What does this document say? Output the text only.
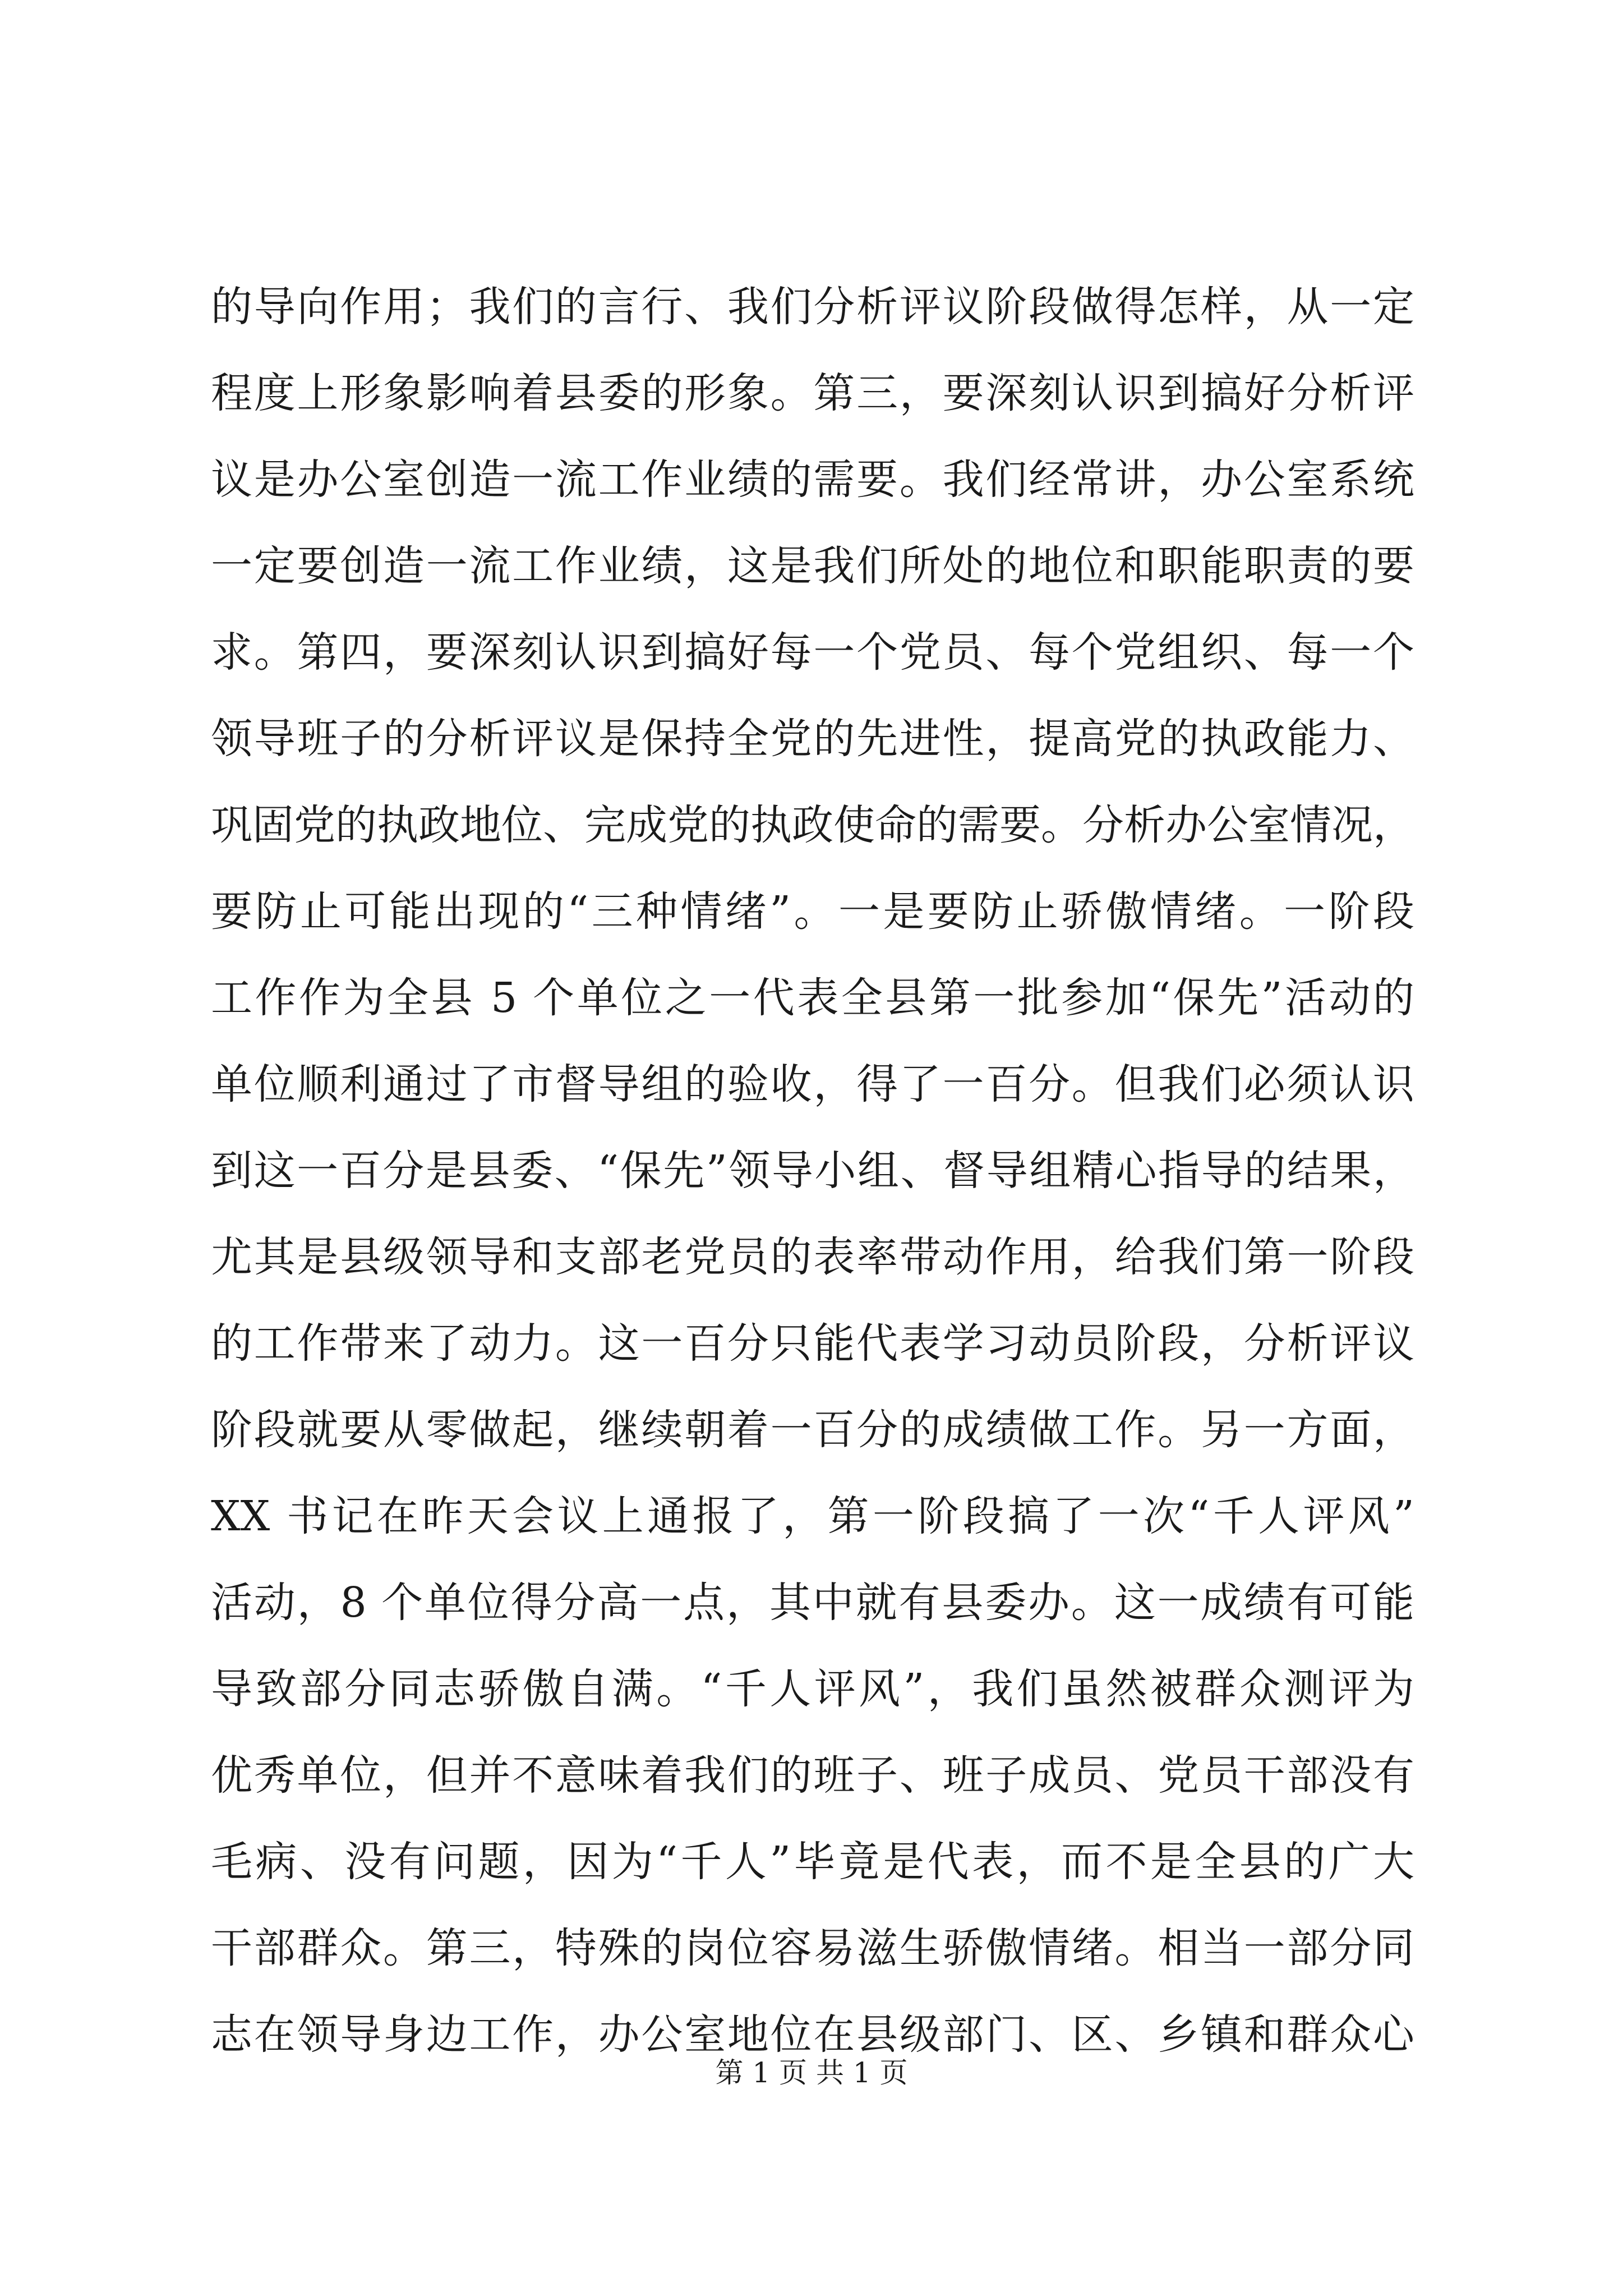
的导向作用；我们的言行、我们分析评议阶段做得怎样，从一定
程度上形象影响着县委的形象。第三，要深刻认识到搞好分析评
议是办公室创造一流工作业绩的需要。我们经常讲，办公室系统
一定要创造一流工作业绩，这是我们所处的地位和职能职责的要
求。第四，要深刻认识到搞好每一个党员、每个党组织、每一个
领导班子的分析评议是保持全党的先进性，提高党的执政能力、
巩固党的执政地位、完成党的执政使命的需要。分析办公室情况，
要防止可能出现的“三种情绪”。一是要防止骄傲情绪。一阶段
工作作为全县 5 个单位之一代表全县第一批参加“保先”活动的
单位顺利通过了市督导组的验收，得了一百分。但我们必须认识
到这一百分是县委、“保先”领导小组、督导组精心指导的结果，
尤其是县级领导和支部老党员的表率带动作用，给我们第一阶段
的工作带来了动力。这一百分只能代表学习动员阶段，分析评议
阶段就要从零做起，继续朝着一百分的成绩做工作。另一方面，
XX 书记在昨天会议上通报了，第一阶段搞了一次“千人评风”
活动，8 个单位得分高一点，其中就有县委办。这一成绩有可能
导致部分同志骄傲自满。“千人评风”，我们虽然被群众测评为
优秀单位，但并不意味着我们的班子、班子成员、党员干部没有
毛病、没有问题，因为“千人”毕竟是代表，而不是全县的广大
干部群众。第三，特殊的岗位容易滋生骄傲情绪。相当一部分同
志在领导身边工作，办公室地位在县级部门、区、乡镇和群众心
第 1 页 共 1 页
